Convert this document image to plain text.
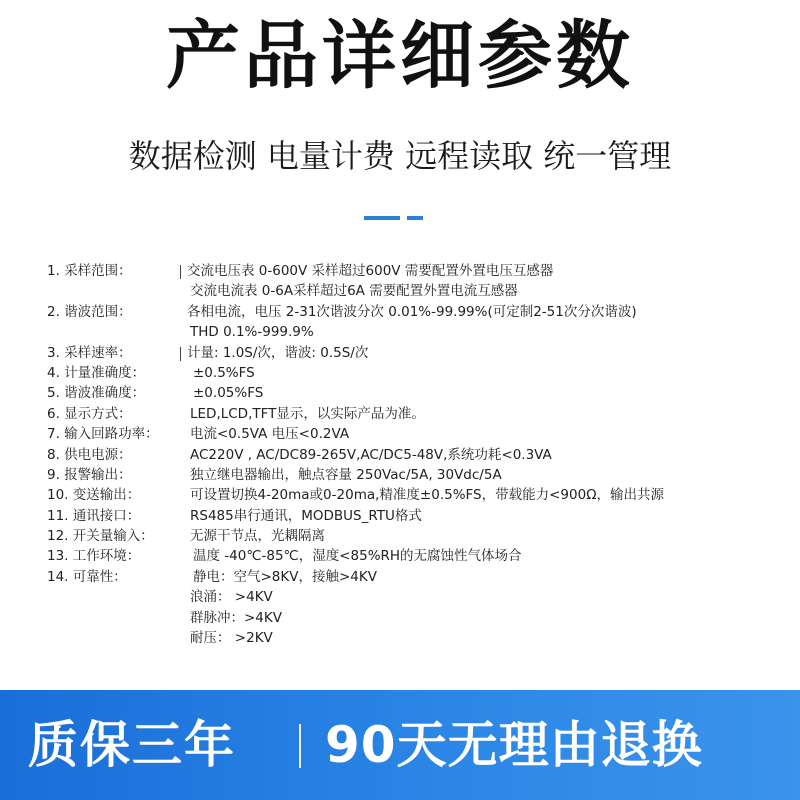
产品详细参数
数据检测 电量计费 远程读取 统一管理
1. 采样范围：	交流电压表 0-600V 采样超过600V 需要配置外置电压互感器
交流电流表 0-6A采样超过6A 需要配置外置电流互感器
2. 谐波范围：	各相电流，电压 2-31次谐波分次 0.01%-99.99%(可定制2-51次分次谐波)
THD 0.1%-999.9%
3. 采样速率：	计量: 1.0S/次，谐波: 0.5S/次
4. 计量准确度：	±0.5%FS
5. 谐波准确度：	±0.05%FS
6. 显示方式：	LED,LCD,TFT显示，以实际产品为准。
7. 输入回路功率： 电流<0.5VA 电压<0.2VA
8. 供电电源：	AC220V , AC/DC89-265V,AC/DC5-48V,系统功耗<0.3VA
9. 报警输出：	独立继电器输出，触点容量 250Vac/5A, 30Vdc/5A
10. 变送输出：	可设置切换4-20ma或0-20ma,精准度±0.5%FS，带载能力<900Ω，输出共源
11. 通讯接口：	RS485串行通讯，MODBUS_RTU格式
12. 开关量输入：	无源干节点，光耦隔离
13. 工作环境：	温度 -40℃-85℃，湿度<85%RH的无腐蚀性气体场合
14. 可靠性：	静电：空气>8KV，接触>4KV
浪涌： >4KV
群脉冲：>4KV
耐压： >2KV
质保三年 90天无理由退换
